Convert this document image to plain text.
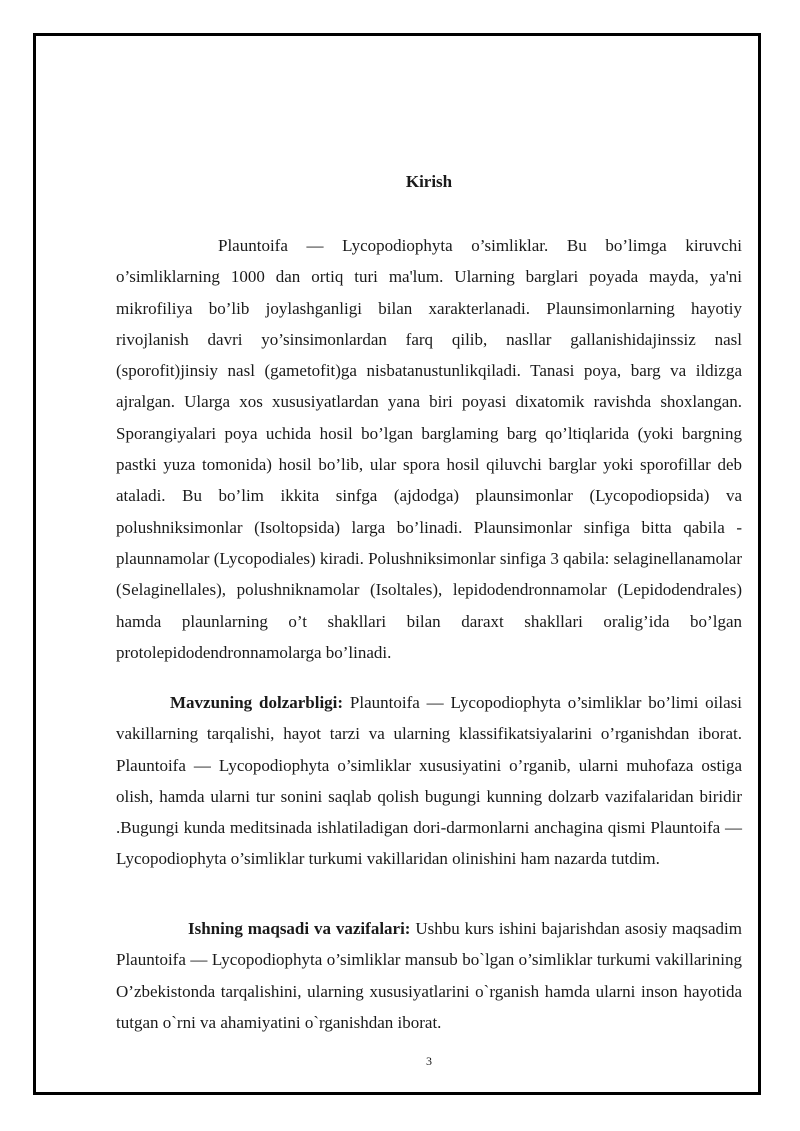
Kirish

Plauntoifa — Lycopodiophyta o’simliklar. Bu bo’limga kiruvchi o’simliklarning 1000 dan ortiq turi ma'lum. Ularning barglari poyada mayda, ya'ni mikrofiliya bo’lib joylashganligi bilan xarakterlanadi. Plaunsimonlarning hayotiy rivojlanish davri yo’sinsimonlardan farq qilib, nasllar gallanishidajinssiz nasl (sporofit)jinsiy nasl (gametofit)ga nisbatanustunlikqiladi. Tanasi poya, barg va ildizga ajralgan. Ularga xos xususiyatlardan yana biri poyasi dixatomik ravishda shoxlangan. Sporangiyalari poya uchida hosil bo’lgan barglaming barg qo’ltiqlarida (yoki bargning pastki yuza tomonida) hosil bo’lib, ular spora hosil qiluvchi barglar yoki sporofillar deb ataladi. Bu bo’lim ikkita sinfga (ajdodga) plaunsimonlar (Lycopodiopsida) va polushniksimonlar (Isoltopsida) larga bo’linadi. Plaunsimonlar sinfiga bitta qabila -plaunnamolar (Lycopodiales) kiradi. Polushniksimonlar sinfiga 3 qabila: selaginellanamolar (Selaginellales), polushniknamolar (Isoltales), lepidodendronnamolar (Lepidodendrales) hamda plaunlarning o’t shakllari bilan daraxt shakllari oralig’ida bo’lgan protolepidodendronnamolarga bo’linadi.

Mavzuning dolzarbligi: Plauntoifa — Lycopodiophyta o’simliklar bo’limi oilasi vakillarning tarqalishi, hayot tarzi va ularning klassifikatsiyalarini o’rganishdan iborat. Plauntoifa — Lycopodiophyta o’simliklar xususiyatini o’rganib, ularni muhofaza ostiga olish, hamda ularni tur sonini saqlab qolish bugungi kunning dolzarb vazifalaridan biridir .Bugungi kunda meditsinada ishlatiladigan dori-darmonlarni anchagina qismi Plauntoifa — Lycopodiophyta o’simliklar turkumi vakillaridan olinishini ham nazarda tutdim.

Ishning maqsadi va vazifalari: Ushbu kurs ishini bajarishdan asosiy maqsadim Plauntoifa — Lycopodiophyta o’simliklar mansub bo`lgan o’simliklar turkumi vakillarining O’zbekistonda tarqalishini, ularning xususiyatlarini o`rganish hamda ularni inson hayotida tutgan o`rni va ahamiyatini o`rganishdan iborat.

3
